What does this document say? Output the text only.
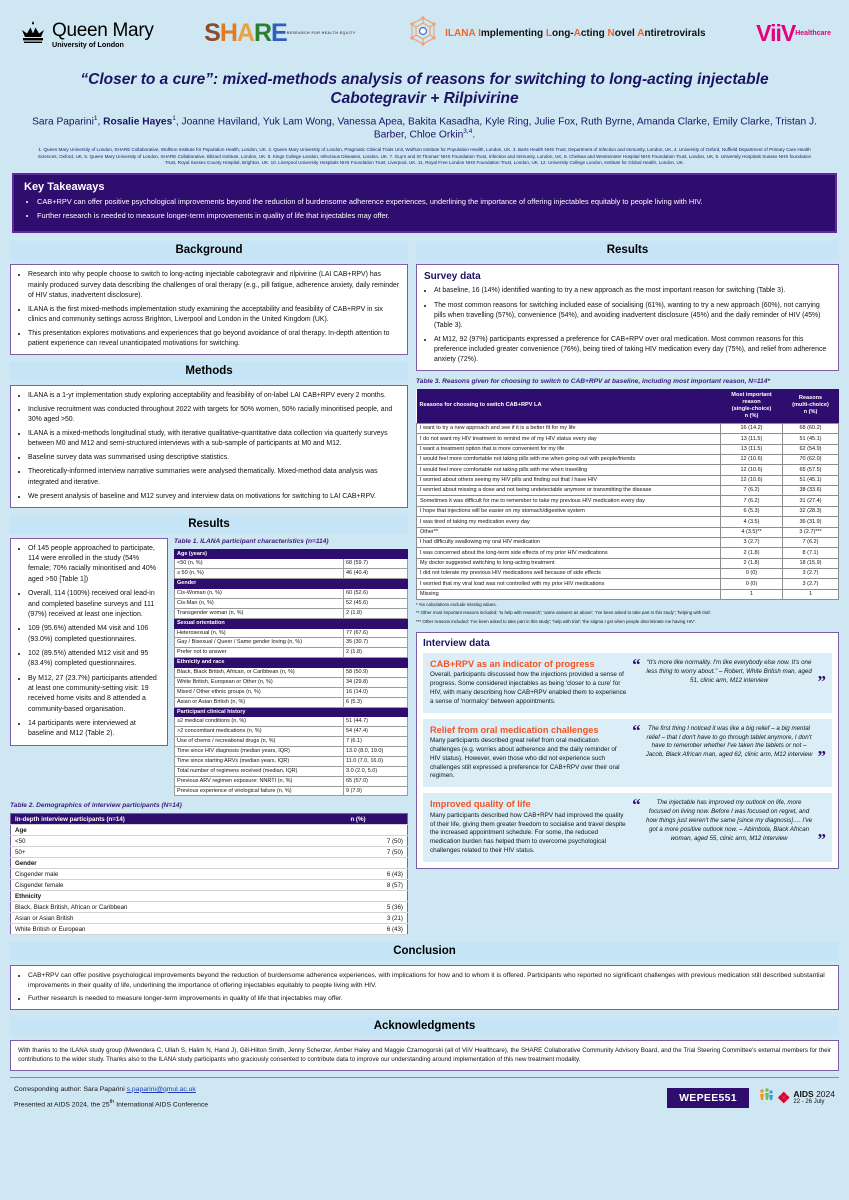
Queen Mary
University of London	SHARE RESEARCH FOR HEALTH EQUITY	ILANA Implementing Long-Acting Novel Antiretrovirals ViiV Healthcare
“Closer to a cure”: mixed-methods analysis of reasons for switching to long-acting injectable Cabotegravir + Rilpivirine
Sara Paparini$^1$, Rosalie Hayes$^1$, Joanne Haviland, Yuk Lam Wong, Vanessa Apea, Bakita Kasadha, Kyle Ring, Julie Fox, Ruth Byrne, Amanda Clarke, Emily Clarke, Tristan J. Barber, Chloe Orkin$^{3,4}$.
1. Queen Mary University of London, SHARE Collaborative, Wolfson Institute for Population Health, London, UK. 2. Queen Mary University of London, Pragmatic Clinical Trials Unit, Wolfson Institute for Population Health, London, UK. 3. Barts Health NHS Trust, Department of Infection and Immunity, London, UK, 4. University of Oxford, Nuffield Department of Primary Care Health Sciences, Oxford, UK, 5. Queen Mary University of London, SHARE Collaborative, Blizard Institute, London, UK. 6. Kings College London, Infectious Diseases, London, UK. 7. Guy's and St Thomas' NHS Foundation Trust, Infection and Immunity, London, UK, 8. Chelsea and Westminster Hospital NHS Foundation Trust, London, UK, 9. University Hospitals Sussex NHS foundation Trust, Royal Sussex County Hospital, Brighton, UK. 10. Liverpool University Hospitals NHS Foundation Trust, Liverpool, UK. 11. Royal Free London NHS Foundation Trust, London, UK. 12. University College London, Institute for Global Health, London, UK.
Key Takeaways
• CAB+RPV can offer positive psychological improvements beyond the reduction of burdensome adherence experiences, underlining the importance of offering injectables equitably to people living with HIV.
• Further research is needed to measure longer-term improvements in quality of life that injectables may offer.
Background
• Research into why people choose to switch to long-acting injectable cabotegravir and rilpivirine (LAI CAB+RPV) has mainly produced survey data describing the challenges of oral therapy (e.g., pill fatigue, adherence anxiety, daily reminder of HIV status, inadvertent disclosure).
• ILANA is the first mixed-methods implementation study examining the acceptability and feasibility of CAB+RPV in six clinics and community settings across Brighton, Liverpool and London in the United Kingdom (UK).
• This presentation explores motivations and experiences that go beyond avoidance of oral therapy. In-depth attention to patient experience can reveal unanticipated motivations for switching.
Methods
• ILANA is a 1-yr implementation study exploring acceptability and feasibility of on-label LAI CAB+RPV every 2 months.
• Inclusive recruitment was conducted throughout 2022 with targets for 50% women, 50% racially minoritised people, and 30% aged >50.
• ILANA is a mixed-methods longitudinal study, with iterative qualitative-quantitative data collection via quarterly surveys between M0 and M12 and semi-structured interviews with a sub-sample of participants at M0 and M12.
• Baseline survey data was summarised using descriptive statistics.
• Theoretically-informed interview narrative summaries were analysed thematically. Mixed-method data analysis was integrated and iterative.
• We present analysis of baseline and M12 survey and interview data on motivations for switching to LAI CAB+RPV.
Results
• Of 145 people approached to participate, 114 were enrolled in the study (54% female; 70% racially minoritised and 40% aged >50 [Table 1])
• Overall, 114 (100%) received oral lead-in and completed baseline surveys and 111 (97%) received at least one injection.
• 109 (95.6%) attended M4 visit and 106 (93.0%) completed questionnaires.
• 102 (89.5%) attended M12 visit and 95 (83.4%) completed questionnaires.
• By M12, 27 (23.7%) participants attended at least one community-setting visit: 19 received home visits and 8 attended a community-based organisation.
• 14 participants were interviewed at baseline and M12 (Table 2).
Table 1. ILANA participant characteristics (n=114)
Age (years)	
<50 (n, %)	68 (59.7)
≥ 50 (n, %)	46 (40.4)
Gender	
Cis-Woman (n, %)	60 (52.6)
Cis-Man (n, %)	52 (45.6)
Transgender woman (n, %)	2 (1.8)
Sexual orientation	
Heterosexual (n, %)	77 (67.6)
Gay / Bisexual / Queer / Same gender loving (n, %)	35 (30.7)
Prefer not to answer	2 (1.8)
Ethnicity and race	
Black, Black British, African, or Caribbean (n, %)	58 (50.9)
White British, European or Other (n, %)	34 (29.8)
Mixed / Other ethnic groups (n, %)	16 (14.0)
Asian or Asian British (n, %)	6 (5.3)
Participant clinical history	
≥2 medical conditions (n, %)	51 (44.7)
>2 concomitant medications (n, %)	54 (47.4)
Use of chems / recreational drugs (n, %)	7 (6.1)
Time since HIV diagnosis (median years, IQR)	13.0 (8.0, 19.0)
Time since starting ARVs (median years, IQR)	11.0 (7.0, 16.0)
Total number of regimens received (median, IQR)	3.0 (2.0, 5.0)
Previous ARV regimen exposure: NNRTI (n, %)	65 (57.0)
Previous experience of virological failure (n, %)	9 (7.9)
Table 2. Demographics of interview participants (N=14)
In-depth interview participants (n=14)	n (%)
Age	
<50	7 (50)
50+	7 (50)
Gender	
Cisgender male	6 (43)
Cisgender female	8 (57)
Ethnicity	
Black, Black British, African or Caribbean	5 (36)
Asian or Asian British	3 (21)
White British or European	6 (43)
Results
Survey data
• At baseline, 16 (14%) identified wanting to try a new approach as the most important reason for switching (Table 3).
• The most common reasons for switching included ease of socialising (61%), wanting to try a new approach (60%), not carrying pills when travelling (57%), convenience (54%), and avoiding inadvertent disclosure (45%) and the daily reminder of HIV (45%) (Table 3).
• At M12, 92 (97%) participants expressed a preference for CAB+RPV over oral medication. Most common reasons for this preference included greater convenience (76%), being tired of taking HIV medication every day (75%), and relief from adherence anxiety (72%).
Table 3. Reasons given for choosing to switch to CAB+RPV at baseline, including most important reason, N=114*
Reasons for choosing to switch CAB+RPV LA	Most important
reason
(single-choice)
n (%)	Reasons
(multi-choice)
n (%)
I want to try a new approach and see if it is a better fit for my life	16 (14.2)	68 (60.2)
I do not want my HIV treatment to remind me of my HIV status every day	13 (11.5)	51 (45.1)
I want a treatment option that is more convenient for my life	13 (11.5)	62 (54.9)
I would feel more comfortable not taking pills with me when going out with people/friends	12 (10.6)	70 (62.0)
I would feel more comfortable not taking pills with me when travelling	12 (10.6)	65 (57.5)
I worried about others seeing my HIV pills and finding out that I have HIV	12 (10.6)	51 (45.1)
I worried about missing a dose and not being undetectable anymore or transmitting the disease	7 (6.2)	38 (33.6)
Sometimes it was difficult for me to remember to take my previous HIV medication every day	7 (6.2)	31 (27.4)
I hope that injections will be easier on my stomach/digestive system	6 (5.3)	32 (28.3)
I was tired of taking my medication every day	4 (3.5)	36 (31.9)
Other**	4 (3.5)**	3 (2.7)***
I had difficulty swallowing my oral HIV medication	3 (2.7)	7 (6.2)
I was concerned about the long-term side effects of my prior HIV medications	2 (1.8)	8 (7.1)
My doctor suggested switching to long-acting treatment	2 (1.8)	18 (15.9)
I did not tolerate my previous HIV medications well because of side effects	0 (0)	3 (2.7)
I worried that my viral load was not controlled with my prior HIV medications	0 (0)	3 (2.7)
Missing	1	1
* %s calculations exclude missing values.
** Other most important reasons included: 'to help with research'; 'same answers as above'; 'I've been asked to take part in this study'; 'helping with trial'.
*** Other reasons included: 'I've been asked to take part in this study'; 'help with trial'; 'the stigma I get when people discriminate me having HIV'.
Interview data
CAB+RPV as an indicator of progress

Overall, participants discussed how the injections provided a sense of progress. Some considered injectables as being 'closer to a cure' for HIV, with many describing how CAB+RPV enabled them to experience a sense of 'normalcy' between appointments.

“ “It's more like normality. I'm like everybody else now. It's one less thing to worry about.” – Robert, White British man, aged 51, clinic arm, M12 interview	”
Relief from oral medication challenges

Many participants described great relief from oral medication challenges (e.g. worries about adherence and the daily reminder of HIV status). However, even those who did not experience such challenges still expressed a preference for CAB+RPV over their oral regimen.

“	The first thing I noticed it was like a big relief – a big mental relief – that I don't have to go through tablet anymore, I don't have to remember whether I've taken the tablets or not – Jacob, Black African man, aged 62, clinic arm, M12 interview ”
Improved quality of life

Many participants described how CAB+RPV had improved the quality of their life, giving them greater freedom to socialise and travel despite the increased appointment schedule. For some, the reduced medication burden has helped them to overcome psychological challenges related to their HIV status.

“	The injectable has improved my outlook on life, more focused on living now. Before I was focused on regret, and how things just weren't the same [since my diagnosis]…. I've got a more positive outlook now. – Abimbola, Black African woman, aged 55, clinic arm, M12 interview	”
Conclusion
• CAB+RPV can offer positive psychological improvements beyond the reduction of burdensome adherence experiences, with implications for how and to whom it is offered. Participants who reported no significant challenges with previous medication still described substantial improvements in their quality of life, underlining the importance of offering injectables equitably to people living with HIV.
• Further research is needed to measure longer-term improvements in quality of life that injectables may offer.
Acknowledgments

With thanks to the ILANA study group (Mwendera C, Ullah S, Halim N, Hand J), Gill-Hilton Smith, Jenny Scherzer, Amber Haley and Maggie Czarnogorski (all of ViiV Healthcare), the SHARE Collaborative Community Advisory Board, and the Trial Steering Committee's external members for their contributions to the wider study. Thanks also to the ILANA study participants who graciously consented to contribute data to improve our understanding around implementation of this new treatment modality.

Corresponding author: Sara Paparini s.paparini@qmul.ac.uk
Presented at AIDS 2024, the 25th International AIDS Conference
WEPEE551	❖ AIDS 2024
22 - 26 July
